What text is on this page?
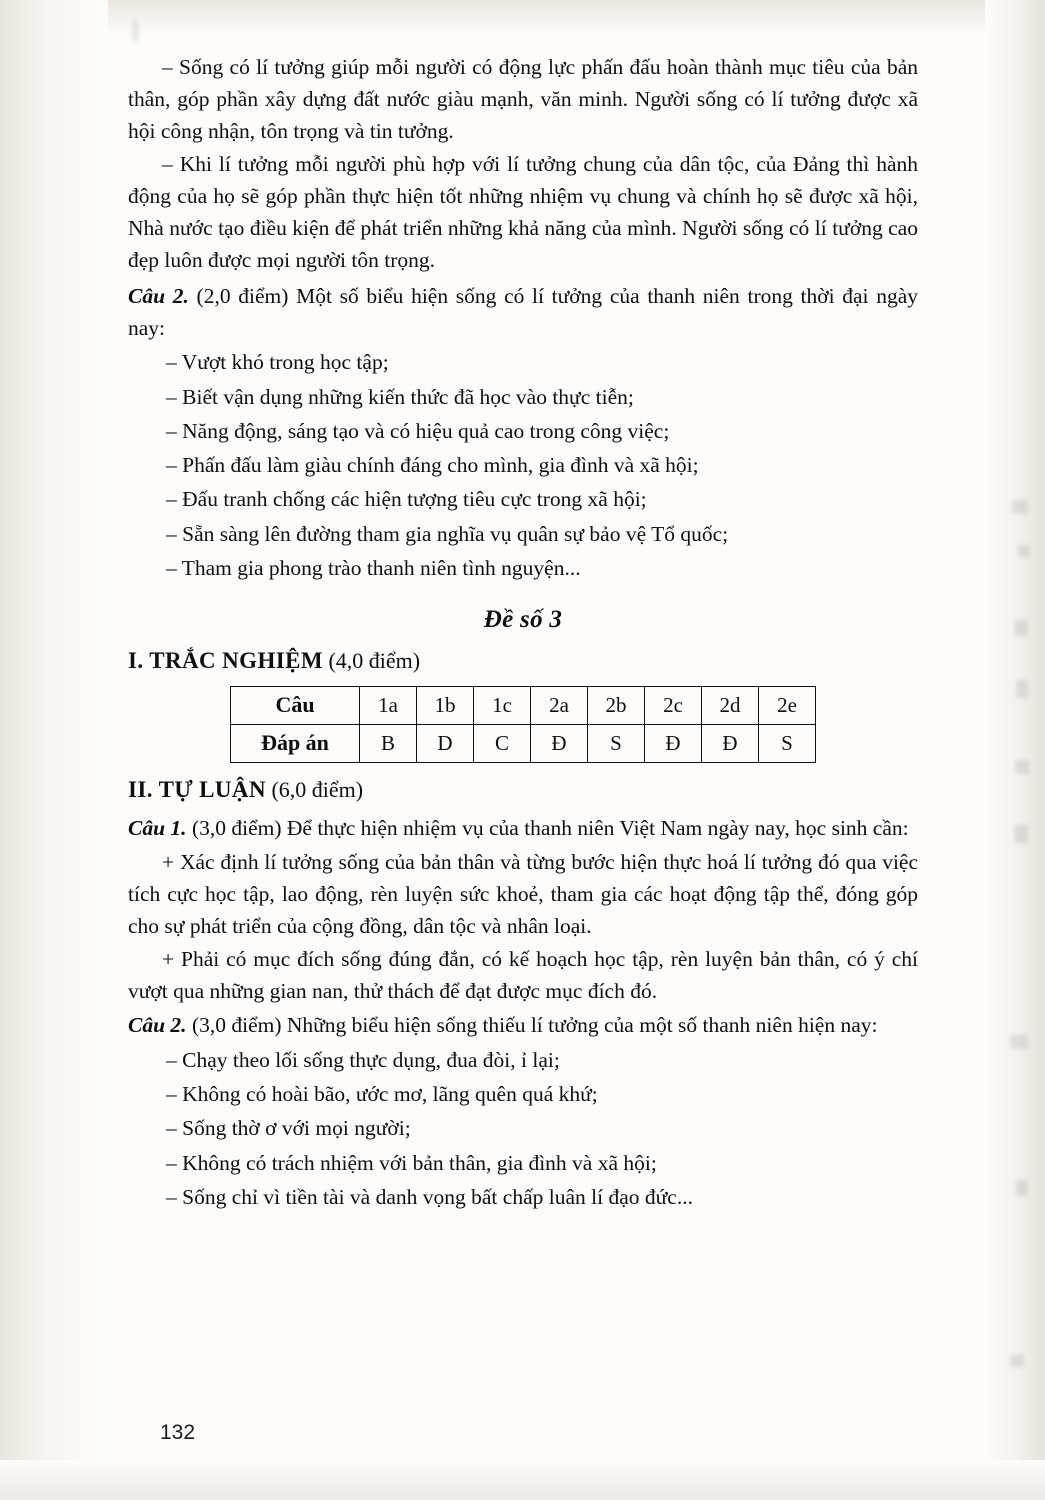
– Sống có lí tưởng giúp mỗi người có động lực phấn đấu hoàn thành mục tiêu của bản thân, góp phần xây dựng đất nước giàu mạnh, văn minh. Người sống có lí tưởng được xã hội công nhận, tôn trọng và tin tưởng.

– Khi lí tưởng mỗi người phù hợp với lí tưởng chung của dân tộc, của Đảng thì hành động của họ sẽ góp phần thực hiện tốt những nhiệm vụ chung và chính họ sẽ được xã hội, Nhà nước tạo điều kiện để phát triển những khả năng của mình. Người sống có lí tưởng cao đẹp luôn được mọi người tôn trọng.

Câu 2. (2,0 điểm) Một số biểu hiện sống có lí tưởng của thanh niên trong thời đại ngày nay:

– Vượt khó trong học tập;

– Biết vận dụng những kiến thức đã học vào thực tiễn;

– Năng động, sáng tạo và có hiệu quả cao trong công việc;

– Phấn đấu làm giàu chính đáng cho mình, gia đình và xã hội;

– Đấu tranh chống các hiện tượng tiêu cực trong xã hội;

– Sẵn sàng lên đường tham gia nghĩa vụ quân sự bảo vệ Tổ quốc;

– Tham gia phong trào thanh niên tình nguyện...

Đề số 3

I. TRẮC NGHIỆM (4,0 điểm)

Câu	1a	1b	1c	2a	2b	2c	2d	2e
Đáp án	B	D	C	Đ	S	Đ	Đ	S

II. TỰ LUẬN (6,0 điểm)

Câu 1. (3,0 điểm) Để thực hiện nhiệm vụ của thanh niên Việt Nam ngày nay, học sinh cần:

+ Xác định lí tưởng sống của bản thân và từng bước hiện thực hoá lí tưởng đó qua việc tích cực học tập, lao động, rèn luyện sức khoẻ, tham gia các hoạt động tập thể, đóng góp cho sự phát triển của cộng đồng, dân tộc và nhân loại.

+ Phải có mục đích sống đúng đắn, có kế hoạch học tập, rèn luyện bản thân, có ý chí vượt qua những gian nan, thử thách để đạt được mục đích đó.

Câu 2. (3,0 điểm) Những biểu hiện sống thiếu lí tưởng của một số thanh niên hiện nay:

– Chạy theo lối sống thực dụng, đua đòi, ỉ lại;

– Không có hoài bão, ước mơ, lãng quên quá khứ;

– Sống thờ ơ với mọi người;

– Không có trách nhiệm với bản thân, gia đình và xã hội;

– Sống chỉ vì tiền tài và danh vọng bất chấp luân lí đạo đức...

132
